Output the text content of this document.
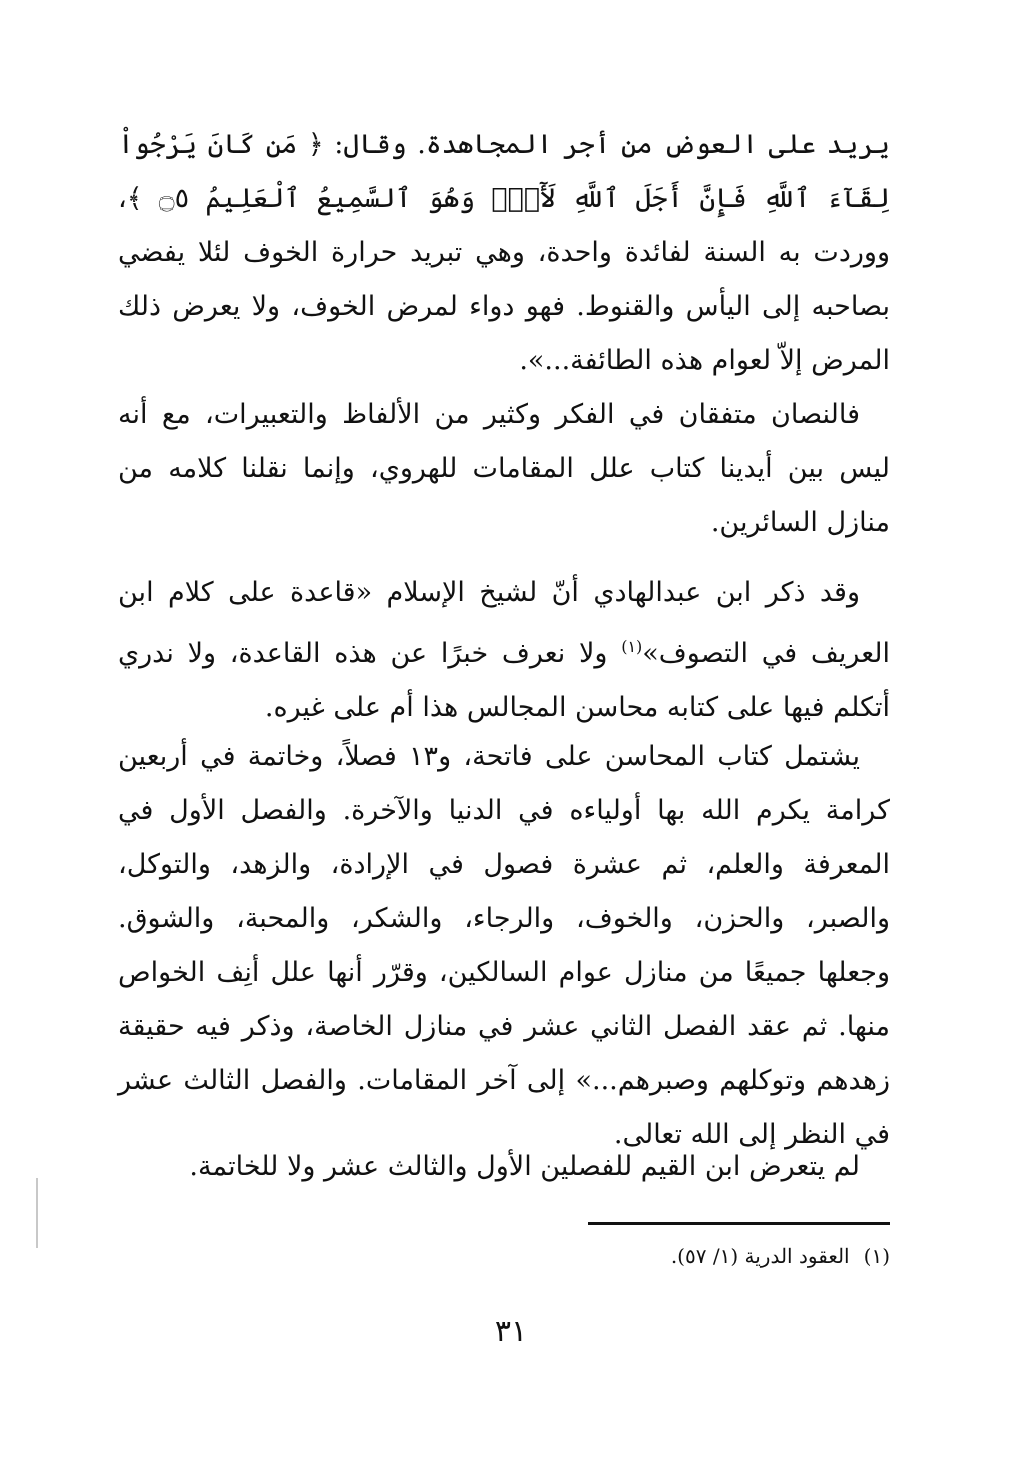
يريد على العوض من أجر المجاهدة. وقال: ﴿ مَن كَانَ يَرْجُواْ لِقَآءَ ٱللَّهِ فَإِنَّ أَجَلَ ٱللَّهِ لَأٓتٍۚ وَهُوَ ٱلسَّمِيعُ ٱلْعَلِيمُ ۝٥ ﴾، ووردت به السنة لفائدة واحدة، وهي تبريد حرارة الخوف لئلا يفضي بصاحبه إلى اليأس والقنوط. فهو دواء لمرض الخوف، ولا يعرض ذلك المرض إلاّ لعوام هذه الطائفة...».

فالنصان متفقان في الفكر وكثير من الألفاظ والتعبيرات، مع أنه ليس بين أيدينا كتاب علل المقامات للهروي، وإنما نقلنا كلامه من منازل السائرين.

وقد ذكر ابن عبدالهادي أنّ لشيخ الإسلام «قاعدة على كلام ابن العريف في التصوف»$^{(١)}$ ولا نعرف خبرًا عن هذه القاعدة، ولا ندري أتكلم فيها على كتابه محاسن المجالس هذا أم على غيره.

يشتمل كتاب المحاسن على فاتحة، و١٣ فصلاً، وخاتمة في أربعين كرامة يكرم الله بها أولياءه في الدنيا والآخرة. والفصل الأول في المعرفة والعلم، ثم عشرة فصول في الإرادة، والزهد، والتوكل، والصبر، والحزن، والخوف، والرجاء، والشكر، والمحبة، والشوق. وجعلها جميعًا من منازل عوام السالكين، وقرّر أنها علل أنِف الخواص منها. ثم عقد الفصل الثاني عشر في منازل الخاصة، وذكر فيه حقيقة زهدهم وتوكلهم وصبرهم...» إلى آخر المقامات. والفصل الثالث عشر في النظر إلى الله تعالى.

لم يتعرض ابن القيم للفصلين الأول والثالث عشر ولا للخاتمة.

(١)العقود الدرية (١/ ٥٧).
٣١
